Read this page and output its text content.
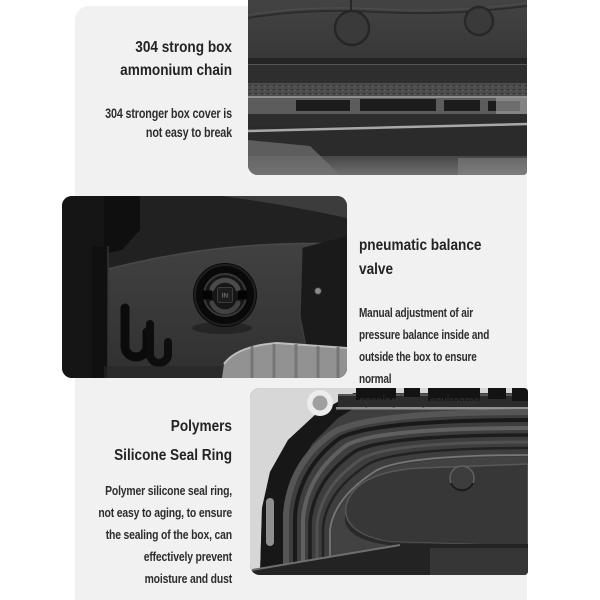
IN
304 strong box
ammonium chain
304 stronger box cover is
not easy to break
pneumatic balance valve
Manual adjustment of air
pressure balance inside and
outside the box to ensure normal
opening in any environment
Polymers
Silicone Seal Ring
Polymer silicone seal ring,
not easy to aging, to ensure
the sealing of the box, can
effectively prevent
moisture and dust
